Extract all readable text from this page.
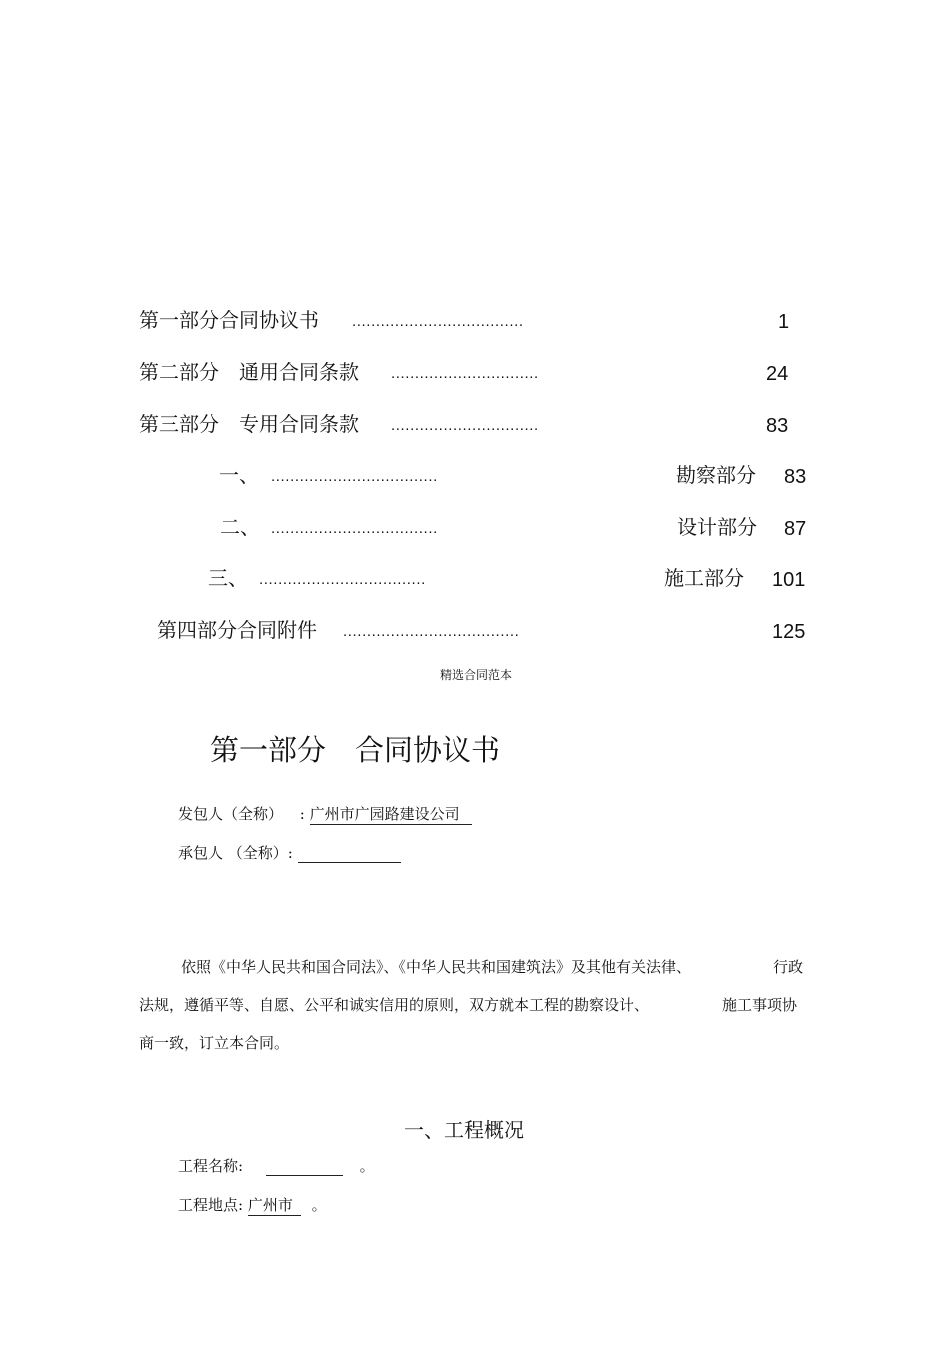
第一部分合同协议书 ....................................	1
第二部分　通用合同条款 ...............................	24
第三部分　专用合同条款 ...............................	83
一、 ...................................	勘察部分 83
二、 ...................................	设计部分 87
三、 ...................................	施工部分 101
第四部分合同附件 .....................................	125
精选合同范本
第一部分　合同协议书
发包人（全称） : 广州市广园路建设公司
承包人 （全称）:
依照《中华人民共和国合同法》、《中华人民共和国建筑法》及其他有关法律、	行政
法规，遵循平等、自愿、公平和诚实信用的原则，双方就本工程的勘察设计、	施工事项协
商一致，订立本合同。
一、工程概况
工程名称:	。
工程地点: 广州市 。
